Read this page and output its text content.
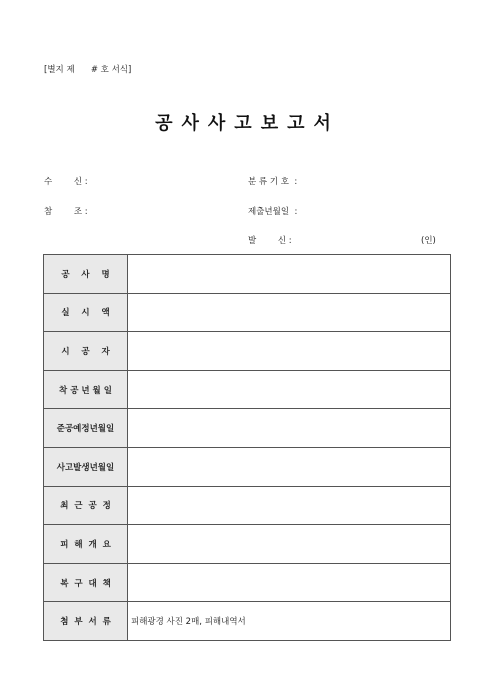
[별지 제      # 호 서식]
공사사고보고서
수        신 :
참        조 :
분 류 기 호  :
제출년월일  :
발        신 :	(인)
공    사    명	
실    시    액	
시    공    자	
착 공 년 월 일	
준공예정년월일	
사고발생년월일	
최  근  공  정	
피  해  개  요	
복  구  대  책	
첨  부  서  류	피해광경 사진 2매, 피해내역서
